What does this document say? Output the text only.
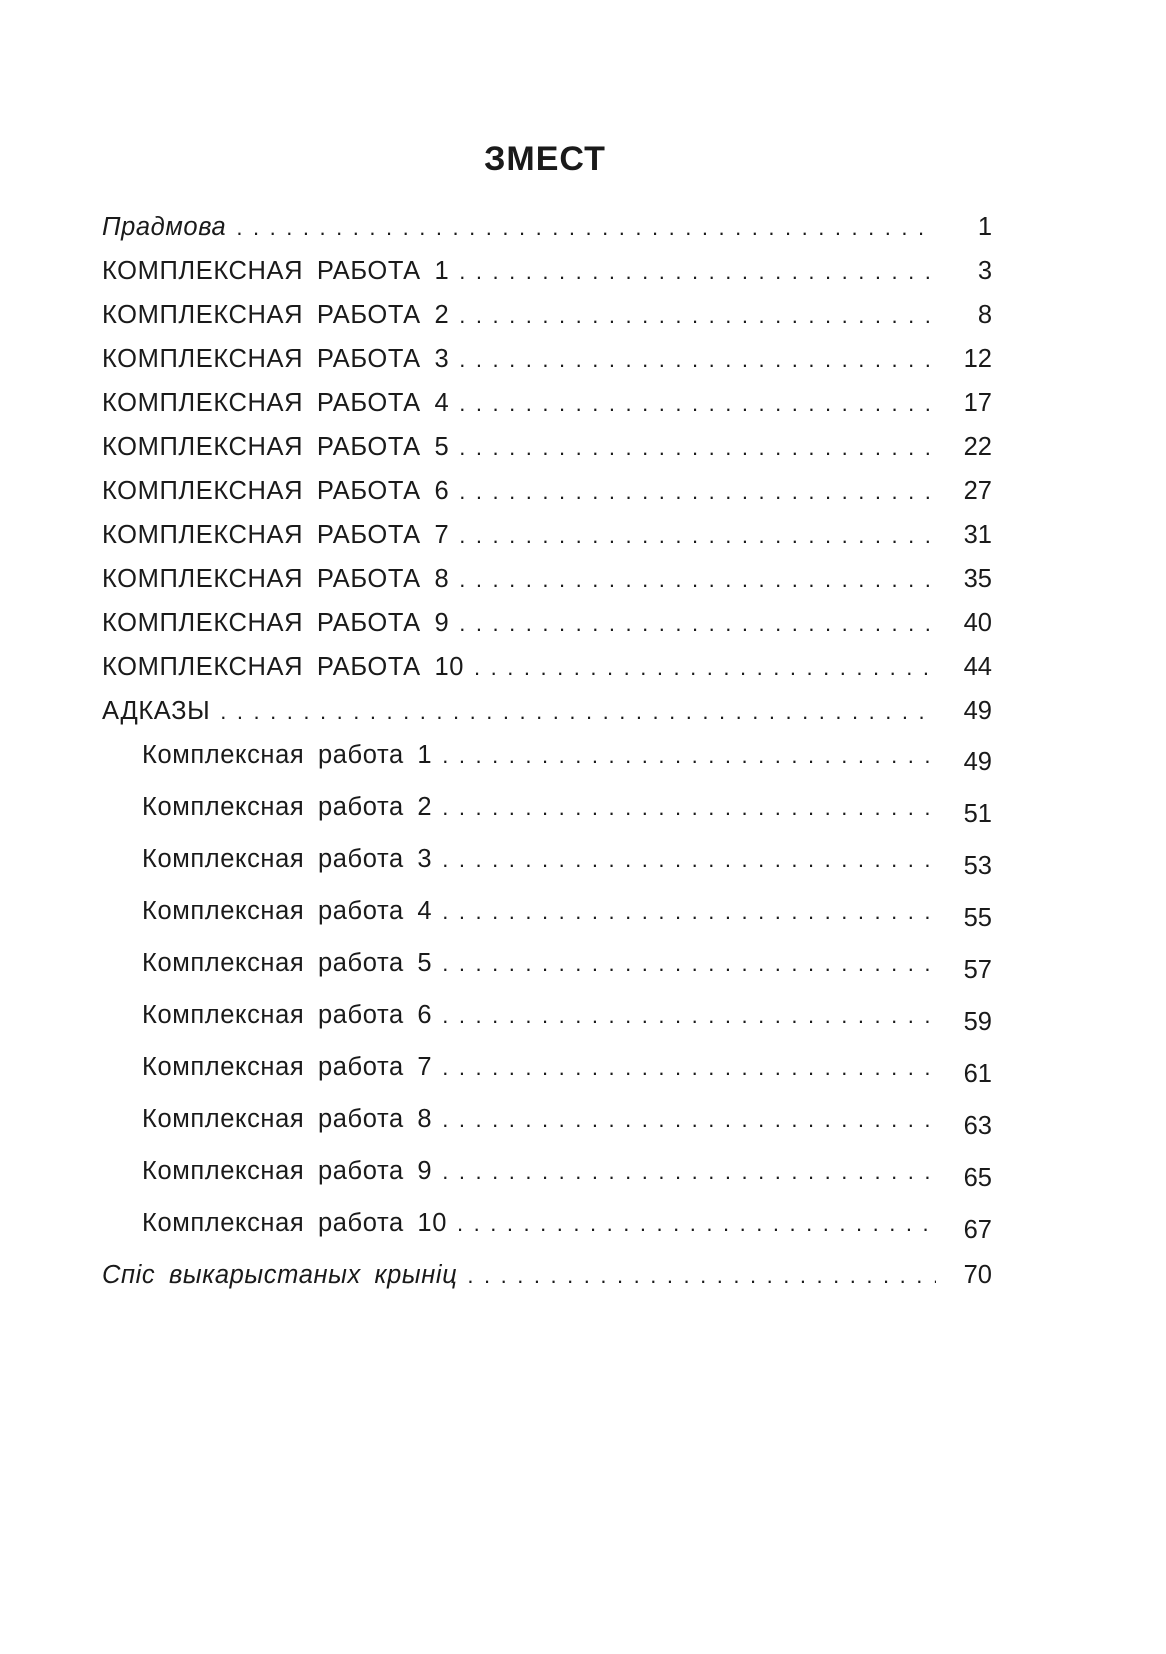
ЗМЕСТ
Прадмова . . .	1
КОМПЛЕКСНАЯ РАБОТА 1 . . .	3
КОМПЛЕКСНАЯ РАБОТА 2 . . .	8
КОМПЛЕКСНАЯ РАБОТА 3 . . .	12
КОМПЛЕКСНАЯ РАБОТА 4 . . .	17
КОМПЛЕКСНАЯ РАБОТА 5 . . .	22
КОМПЛЕКСНАЯ РАБОТА 6 . . .	27
КОМПЛЕКСНАЯ РАБОТА 7 . . .	31
КОМПЛЕКСНАЯ РАБОТА 8 . . .	35
КОМПЛЕКСНАЯ РАБОТА 9 . . .	40
КОМПЛЕКСНАЯ РАБОТА 10 . . .	44
АДКАЗЫ . . .	49
Комплексная работа 1 . . .	49
Комплексная работа 2 . . .	51
Комплексная работа 3 . . .	53
Комплексная работа 4 . . .	55
Комплексная работа 5 . . .	57
Комплексная работа 6 . . .	59
Комплексная работа 7 . . .	61
Комплексная работа 8 . . .	63
Комплексная работа 9 . . .	65
Комплексная работа 10 . . .	67
Спіс выкарыстаных крыніц . . .	70
